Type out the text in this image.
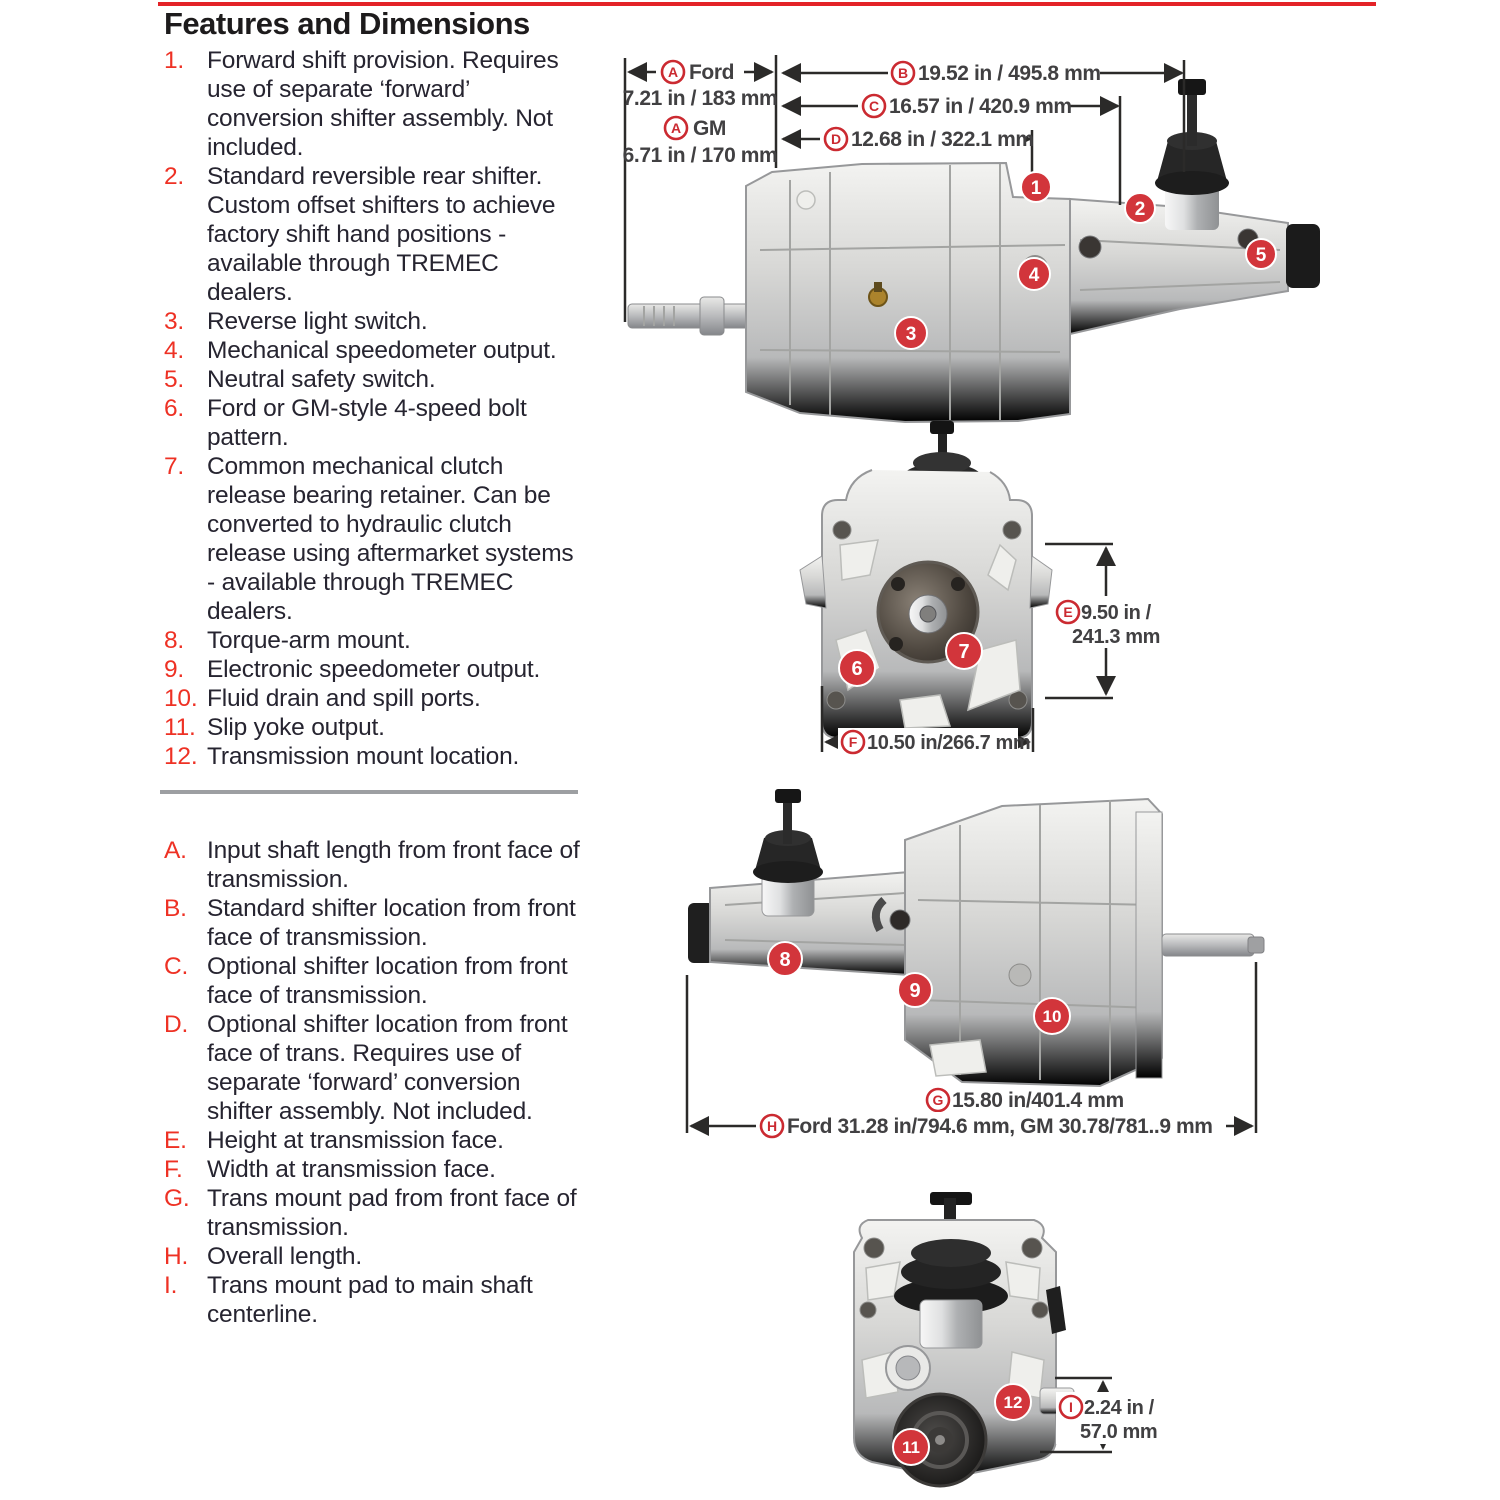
Features and Dimensions
1. Forward shift provision. Requires use of separate ‘forward’ conversion shifter assembly. Not included.
2. Standard reversible rear shifter. Custom offset shifters to achieve factory shift hand positions - available through TREMEC dealers.
3. Reverse light switch.
4. Mechanical speedometer output.
5. Neutral safety switch.
6. Ford or GM-style 4-speed bolt pattern.
7. Common mechanical clutch release bearing retainer. Can be converted to hydraulic clutch release using aftermarket systems - available through TREMEC dealers.
8. Torque-arm mount.
9. Electronic speedometer output.
10. Fluid drain and spill ports.
11. Slip yoke output.
12. Transmission mount location.
A. Input shaft length from front face of transmission.
B. Standard shifter location from front face of transmission.
C. Optional shifter location from front face of transmission.
D. Optional shifter location from front face of trans. Requires use of separate ‘forward’ conversion shifter assembly. Not included.
E. Height at transmission face.
F. Width at transmission face.
G. Trans mount pad from front face of transmission.
H. Overall length.
I.	Trans mount pad to main shaft centerline.
A Ford
7.21 in / 183 mm
A GM
6.71 in / 170 mm
B 19.52 in / 495.8 mm
C 16.57 in / 420.9 mm
D 12.68 in / 322.1 mm
1
2
3
4
5
E 9.50 in /
241.3 mm
F 10.50 in/266.7 mm
6
7
G 15.80 in/401.4 mm
H Ford 31.28 in/794.6 mm, GM 30.78/781..9 mm
8
9
10
I 2.24 in /
57.0 mm
11
12
